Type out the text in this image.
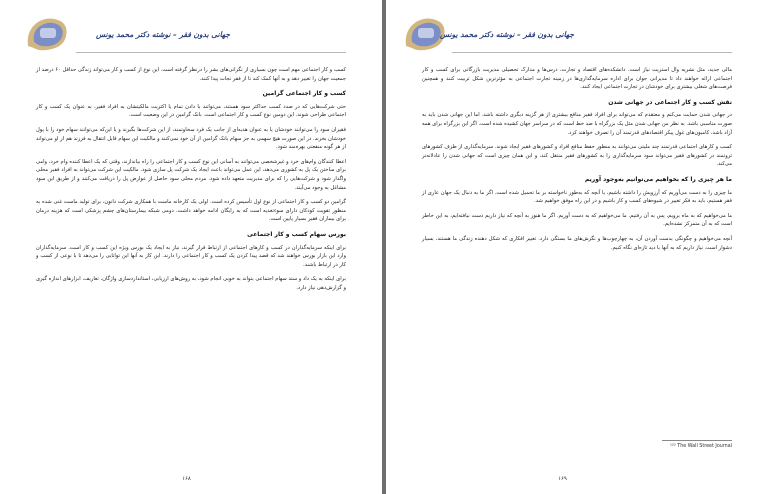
جهانی بدون فقر – نوشته دکتر محمد یونس

کسب و کار اجتماعی مهم است چون بسیاری از نگرانی‌های بشر را درنظر گرفته است. این نوع از کسب و کار می‌تواند زندگی حداقل ۶۰ درصد از جمعیت جهان را تغییر دهد و به آنها کمک کند تا از فقر نجات پیدا کنند.

کسب و کار اجتماعی گرامین

حتی شرکت‌هایی که در صدد کسب حداکثر سود هستند، می‌توانند با دادن تمام یا اکثریت مالکیتشان به افراد فقیر، به عنوان یک کسب و کار اجتماعی طراحی شوند. این دومین نوع کسب و کار اجتماعی است. بانک گرامین در این وضعیت است.

فقیران سود را می‌توانند خودشان یا به عنوان هدیه‌ای از جانب یک فرد سخاوتمند، از این شرکت‌ها بگیرند و یا این‌که می‌توانند سهام خود را با پول خودشان بخرند. در این صورت هیچ سهمی به جز سهام بانک گرامین از آن خود نمی‌کنند و مالکیت این سهام قابل انتقال به فرزند هم از او می‌تواند از هر گونه منفعتی بهره‌مند شود.

اعطا کنندگان وام‌های خرد و غیرشخصی می‌توانند به آسانی این نوع کسب و کار اجتماعی را راه بیاندازند، وقتی که یک اعطا کننده وام خرد، وامی برای ساختن یک پل به کشوری می‌دهد، این عمل می‌تواند باعث ایجاد یک شرکت پل سازی شود. مالکیت این شرکت می‌تواند به افراد فقیر محلی واگذار شود و شرکت‌هایی را که برای مدیریت متعهد داده شود. مردم محلی سود حاصل از عوارض پل را دریافت می‌کنند و از طریق این سود مشاغل به وجود می‌آیند.

گرامین دو کسب و کار اجتماعی از نوع اول تأسیس کرده است. اولی یک کارخانه ماست با همکاری شرکت دانون، برای تولید ماست غنی شده به منظور تقویت کودکان دارای سوءتغذیه است که به رایگان ادامه خواهد داشت. دومی شبکه بیمارستان‌های چشم پزشکی است که هزینه درمان برای بیماران فقیر بسیار پایین است.

بورس سهام کسب و کار اجتماعی

برای اینکه سرمایه‌گذاران در کسب و کارهای اجتماعی از ارتباط قرار گیرند، نیاز به ایجاد یک بورس ویژه این کسب و کار است. سرمایه‌گذاران وارد این بازار بورس خواهند شد که قصد پیدا کردن یک کسب و کار اجتماعی را دارند. این کار به آنها این توانایی را می‌دهد تا با نوعی از کسب و کار در ارتباط باشند.

برای اینکه به یک داد و ستد سهام اجتماعی بتواند به خوبی انجام شود، به روش‌های ارزیابی، استانداردسازی واژگان، تعاریف، ابزارهای اندازه گیری و گزارش‌دهی نیاز دارد.

۱۶۸
جهانی بدون فقر – نوشته دکتر محمد یونس

مالی جدید، مثل نشریه وال استریت نیاز است. دانشکده‌های اقتصاد و تجارت، درس‌ها و مدارک تحصیلی مدیریت بازرگانی برای کسب و کار اجتماعی ارائه خواهند داد تا مدیرانی جوان برای اداره سرمایه‌گذاری‌ها در زمینه تجارت اجتماعی به مؤثرترین شکل تربیت کنند و همچنین فرصت‌های شغلی بیشتری برای خودشان در تجارت اجتماعی ایجاد کنند.

نقش کسب و کار اجتماعی در جهانی شدن

در جهانی شدن حمایت می‌کنم و معتقدم که می‌تواند برای افراد فقیر منافع بیشتری از هر گزینه دیگری داشته باشد. اما این جهانی شدن باید به صورت مناسبی باشد. به نظر من جهانی شدن مثل یک بزرگراه با صد خط است که در سراسر جهان کشیده شده است. اگر این بزرگراه برای همه آزاد باشد، کامیون‌های غول پیکر اقتصادهای قدرتمند آن را تصرف خواهند کرد.

کسب و کارهای اجتماعی قدرتمند چند ملیتی می‌توانند به منظور حفظ منافع افراد و کشورهای فقیر ایجاد شوند. سرمایه‌گذاری از طرف کشورهای ثروتمند در کشورهای فقیر می‌تواند سود سرمایه‌گذاری را به کشورهای فقیر منتقل کند، و این همان چیزی است که جهانی شدن را عادلانه‌تر می‌کند.

ما هر چیزی را که بخواهیم می‌توانیم به‌وجود آوریم

ما چیزی را به دست می‌آوریم که آرزویش را داشته باشیم، یا آنچه که به‌طور ناخواسته بر ما تحمیل شده است. اگر ما به دنبال یک جهان عاری از فقر هستیم، باید به فکر تغییر در شیوه‌های کسب و کار باشیم و در این راه موفق خواهیم شد.

ما می‌خواهیم که به ماه برویم، پس به آن رفتیم. ما می‌خواهیم که به دست آوریم. اگر ما هنوز به آنچه که نیاز داریم دست نیافته‌ایم، به این خاطر است که به آن متمرکز نشده‌ایم.

آنچه می‌خواهیم و چگونگی بدست آوردن آن، به چهارچوب‌ها و نگرش‌های ما بستگی دارد. تغییر افکاری که شکل دهنده زندگی ما هستند، بسیار دشوار است. نیاز داریم که به آنها با دید تازه‌ای نگاه کنیم.

¹²² The Wall Street Journal
۱۶۹
